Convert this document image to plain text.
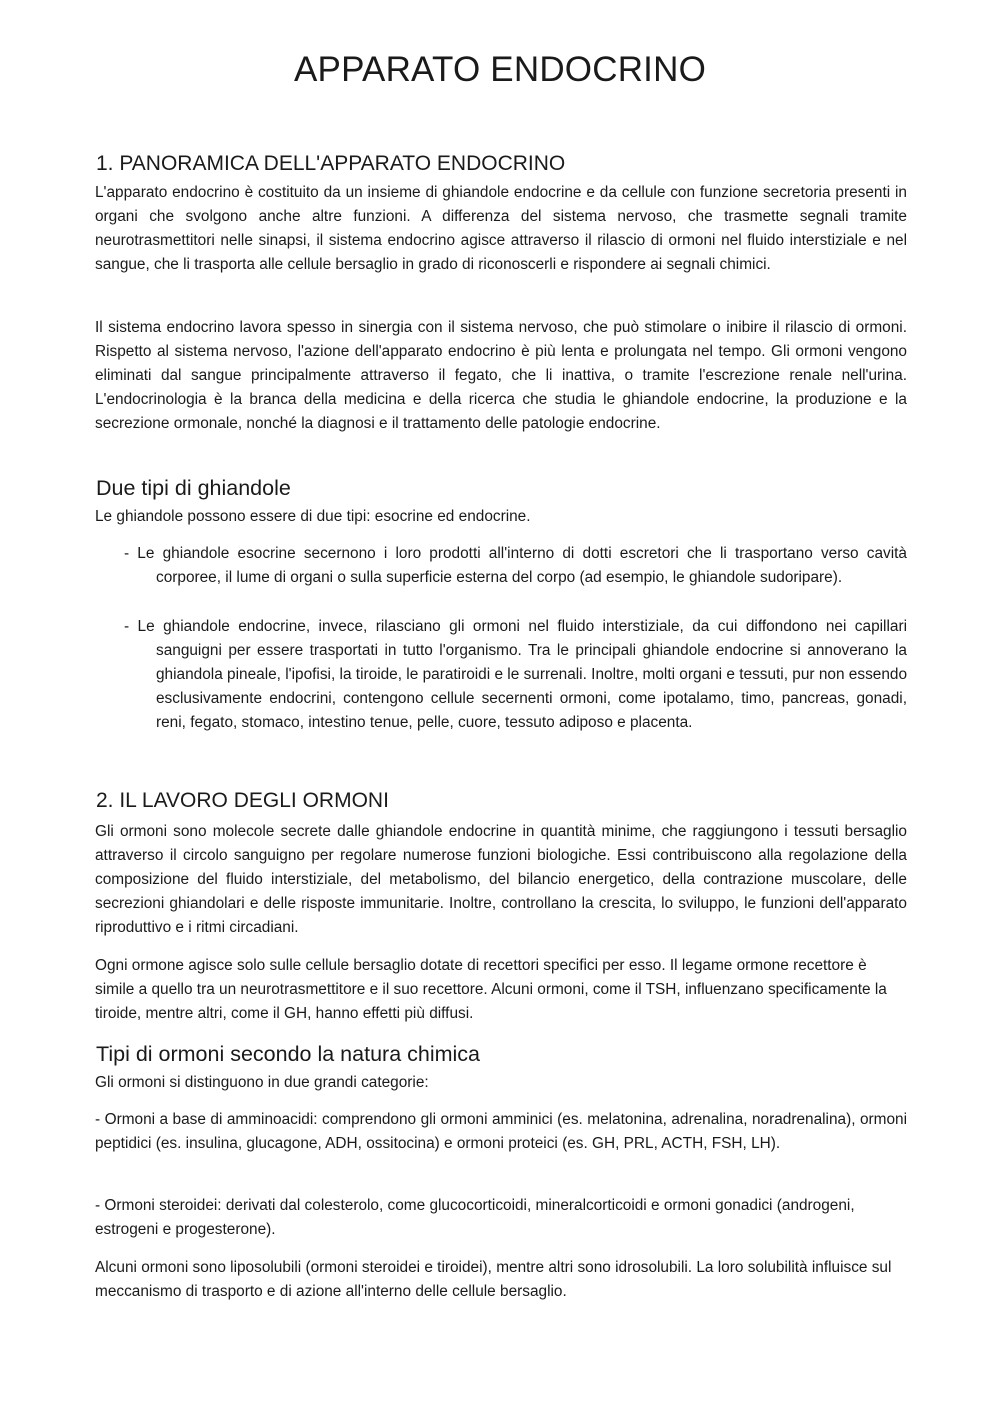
APPARATO ENDOCRINO
1. PANORAMICA DELL'APPARATO ENDOCRINO

L'apparato endocrino è costituito da un insieme di ghiandole endocrine e da cellule con funzione secretoria presenti in organi che svolgono anche altre funzioni. A differenza del sistema nervoso, che trasmette segnali tramite neurotrasmettitori nelle sinapsi, il sistema endocrino agisce attraverso il rilascio di ormoni nel fluido interstiziale e nel sangue, che li trasporta alle cellule bersaglio in grado di riconoscerli e rispondere ai segnali chimici.

Il sistema endocrino lavora spesso in sinergia con il sistema nervoso, che può stimolare o inibire il rilascio di ormoni. Rispetto al sistema nervoso, l'azione dell'apparato endocrino è più lenta e prolungata nel tempo. Gli ormoni vengono eliminati dal sangue principalmente attraverso il fegato, che li inattiva, o tramite l'escrezione renale nell'urina. L'endocrinologia è la branca della medicina e della ricerca che studia le ghiandole endocrine, la produzione e la secrezione ormonale, nonché la diagnosi e il trattamento delle patologie endocrine.

Due tipi di ghiandole

Le ghiandole possono essere di due tipi: esocrine ed endocrine.

- Le ghiandole esocrine secernono i loro prodotti all'interno di dotti escretori che li trasportano verso cavità corporee, il lume di organi o sulla superficie esterna del corpo (ad esempio, le ghiandole sudoripare).

- Le ghiandole endocrine, invece, rilasciano gli ormoni nel fluido interstiziale, da cui diffondono nei capillari sanguigni per essere trasportati in tutto l'organismo. Tra le principali ghiandole endocrine si annoverano la ghiandola pineale, l'ipofisi, la tiroide, le paratiroidi e le surrenali. Inoltre, molti organi e tessuti, pur non essendo esclusivamente endocrini, contengono cellule secernenti ormoni, come ipotalamo, timo, pancreas, gonadi, reni, fegato, stomaco, intestino tenue, pelle, cuore, tessuto adiposo e placenta.

2. IL LAVORO DEGLI ORMONI

Gli ormoni sono molecole secrete dalle ghiandole endocrine in quantità minime, che raggiungono i tessuti bersaglio attraverso il circolo sanguigno per regolare numerose funzioni biologiche. Essi contribuiscono alla regolazione della composizione del fluido interstiziale, del metabolismo, del bilancio energetico, della contrazione muscolare, delle secrezioni ghiandolari e delle risposte immunitarie. Inoltre, controllano la crescita, lo sviluppo, le funzioni dell'apparato riproduttivo e i ritmi circadiani.

Ogni ormone agisce solo sulle cellule bersaglio dotate di recettori specifici per esso. Il legame ormone recettore è simile a quello tra un neurotrasmettitore e il suo recettore. Alcuni ormoni, come il TSH, influenzano specificamente la tiroide, mentre altri, come il GH, hanno effetti più diffusi.

Tipi di ormoni secondo la natura chimica

Gli ormoni si distinguono in due grandi categorie:

- Ormoni a base di amminoacidi: comprendono gli ormoni amminici (es. melatonina, adrenalina, noradrenalina), ormoni peptidici (es. insulina, glucagone, ADH, ossitocina) e ormoni proteici (es. GH, PRL, ACTH, FSH, LH).

- Ormoni steroidei: derivati dal colesterolo, come glucocorticoidi, mineralcorticoidi e ormoni gonadici (androgeni, estrogeni e progesterone).

Alcuni ormoni sono liposolubili (ormoni steroidei e tiroidei), mentre altri sono idrosolubili. La loro solubilità influisce sul meccanismo di trasporto e di azione all'interno delle cellule bersaglio.
